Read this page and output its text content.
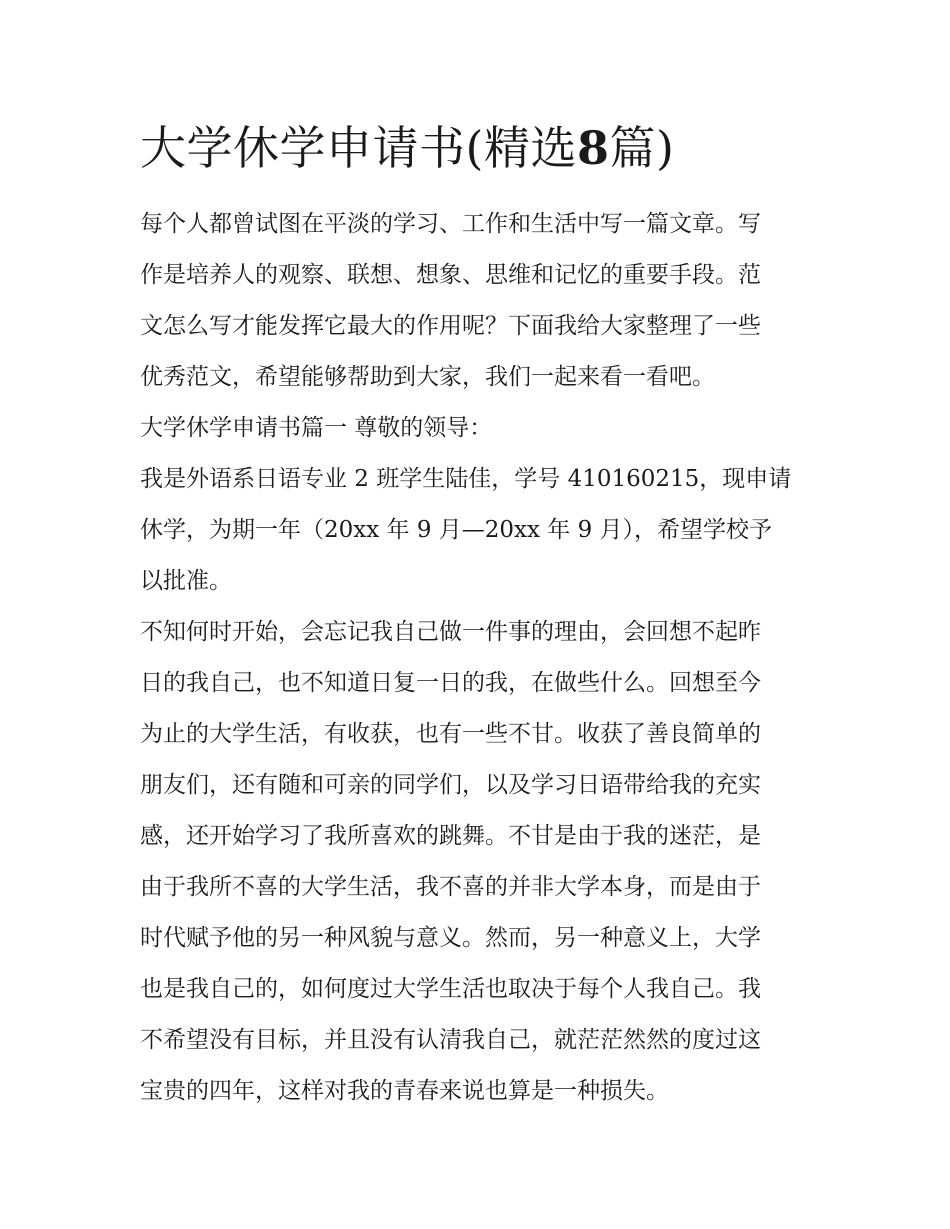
大学休学申请书(精选8篇)

每个人都曾试图在平淡的学习、工作和生活中写一篇文章。写
作是培养人的观察、联想、想象、思维和记忆的重要手段。范
文怎么写才能发挥它最大的作用呢？下面我给大家整理了一些
优秀范文，希望能够帮助到大家，我们一起来看一看吧。

大学休学申请书篇一 尊敬的领导：

我是外语系日语专业 2 班学生陆佳，学号 410160215，现申请
休学，为期一年（20xx 年 9 月—20xx 年 9 月），希望学校予
以批准。

不知何时开始，会忘记我自己做一件事的理由，会回想不起昨
日的我自己，也不知道日复一日的我，在做些什么。回想至今
为止的大学生活，有收获，也有一些不甘。收获了善良简单的
朋友们，还有随和可亲的同学们，以及学习日语带给我的充实
感，还开始学习了我所喜欢的跳舞。不甘是由于我的迷茫，是
由于我所不喜的大学生活，我不喜的并非大学本身，而是由于
时代赋予他的另一种风貌与意义。然而，另一种意义上，大学
也是我自己的，如何度过大学生活也取决于每个人我自己。我
不希望没有目标，并且没有认清我自己，就茫茫然然的度过这
宝贵的四年，这样对我的青春来说也算是一种损失。
